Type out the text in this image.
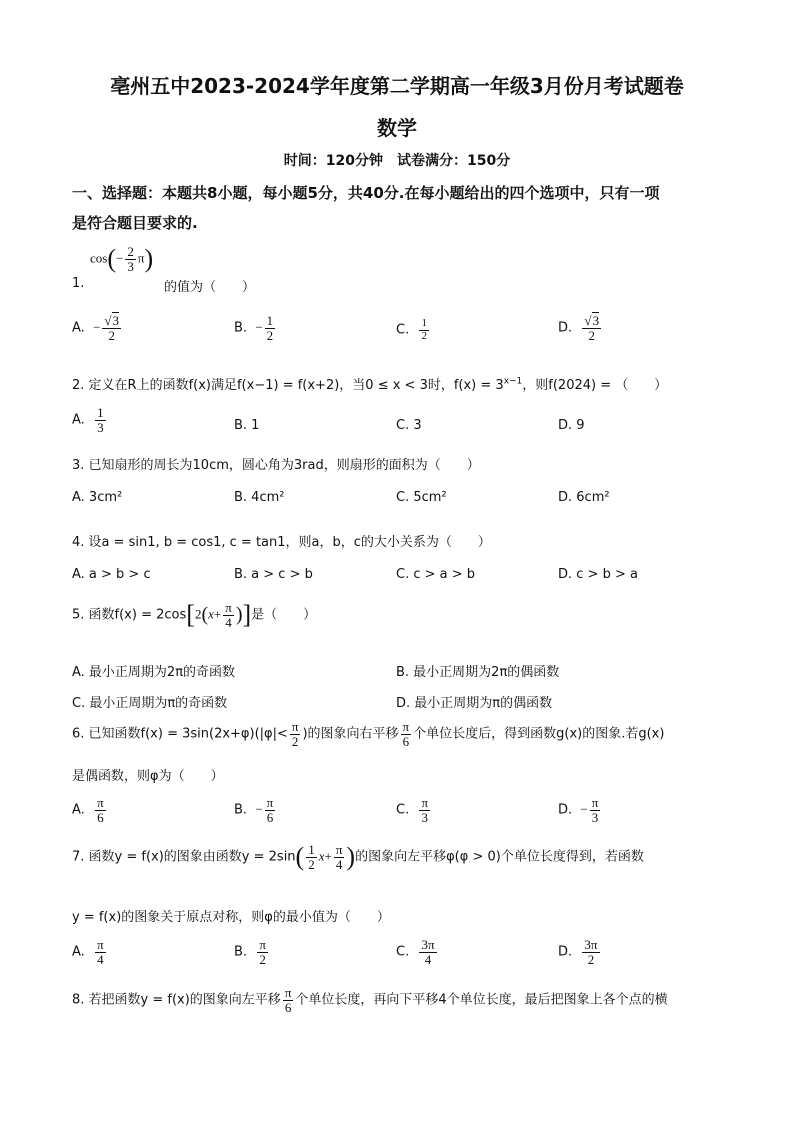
亳州五中2023-2024学年度第二学期高一年级3月份月考试题卷
数学
时间：120分钟　试卷满分：150分
一、选择题：本题共8小题，每小题5分，共40分.在每小题给出的四个选项中，只有一项
是符合题目要求的.
1.
$\cos(- \frac{2}{3} \pi)$
的值为（　　）
A.  − $\frac{√3}{2}$	B.  − $\frac{1}{2}$	C. $\frac{1}{2}$	D. $\frac{√3}{2}$
2. 定义在R上的函数f(x)满足f(x−1) = f(x+2)，当0 ≤ x < 3时，$f(x) = 3^{x-1}$，则f(2024) = （　　）
A. $\frac{1}{3}$	B. 1	C. 3	D. 9
3. 已知扇形的周长为10cm，圆心角为3rad，则扇形的面积为（　　）
A. 3cm²	B. 4cm²	C. 5cm²	D. 6cm²
4. 设a = sin1, b = cos1, c = tan1，则a，b，c的大小关系为（　　）
A. a > b > c	B. a > c > b	C. c > a > b	D. c > b > a
5. 函数$f(x) = 2\cos[2(x+ \frac{\pi}{4}$ )]是（　　）
A. 最小正周期为2π的奇函数	B. 最小正周期为2π的偶函数
C. 最小正周期为π的奇函数	D. 最小正周期为π的偶函数
6. 已知函数$f(x) = 3\sin(2x+\varphi)(|\varphi|< \frac{\pi}{2}$ )的图象向右平移 $\frac{\pi}{6}$ 个单位长度后，得到函数g(x)的图象.若g(x)
是偶函数，则φ为（　　）
A. $\frac{\pi}{6}$	B.  − $\frac{\pi}{6}$	C. $\frac{\pi}{3}$	D.  − $\frac{\pi}{3}$
7. 函数y = f(x)的图象由函数$y = 2\sin( \frac{1}{2} x+ \frac{\pi}{4}$ )的图象向左平移φ(φ > 0)个单位长度得到，若函数
y = f(x)的图象关于原点对称，则φ的最小值为（　　）
A. $\frac{\pi}{4}$	B. $\frac{\pi}{2}$	C. $\frac{3\pi}{4}$	D. $\frac{3\pi}{2}$
8. 若把函数y = f(x)的图象向左平移 $\frac{\pi}{6}$ 个单位长度，再向下平移4个单位长度，最后把图象上各个点的横
